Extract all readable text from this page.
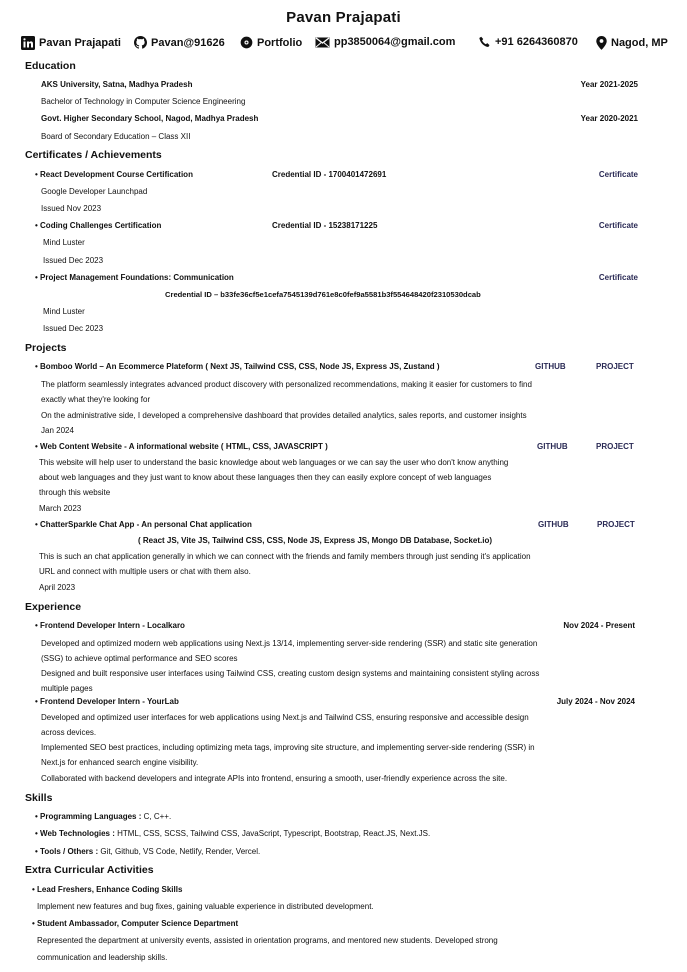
Pavan Prajapati
Pavan Prajapati	Pavan@91626	Portfolio	pp3850064@gmail.com	+91 6264360870	Nagod, MP
Education
AKS University, Satna, Madhya Pradesh	Year 2021-2025
Bachelor of Technology in Computer Science Engineering
Govt. Higher Secondary School, Nagod, Madhya Pradesh	Year 2020-2021
Board of Secondary Education – Class XII
Certificates / Achievements
• React Development Course Certification	Credential ID - 1700401472691	Certificate
Google Developer Launchpad
Issued Nov 2023
• Coding Challenges Certification	Credential ID - 15238171225	Certificate
Mind Luster
Issued Dec 2023
• Project Management Foundations: Communication	Certificate
Credential ID – b33fe36cf5e1cefa7545139d761e8c0fef9a5581b3f554648420f2310530dcab
Mind Luster
Issued Dec 2023
Projects
• Bomboo World – An Ecommerce Plateform ( Next JS, Tailwind CSS, CSS, Node JS, Express JS, Zustand )	GITHUB	PROJECT
The platform seamlessly integrates advanced product discovery with personalized recommendations, making it easier for customers to find
exactly what they're looking for
On the administrative side, I developed a comprehensive dashboard that provides detailed analytics, sales reports, and customer insights
Jan 2024
• Web Content Website - A informational website ( HTML, CSS, JAVASCRIPT )	GITHUB	PROJECT
This website will help user to understand the basic knowledge about web languages or we can say the user who don't know anything
about web languages and they just want to know about these languages then they can easily explore concept of web languages
through this website
March 2023
• ChatterSparkle Chat App - An personal Chat application	GITHUB	PROJECT
( React JS, Vite JS, Tailwind CSS, CSS, Node JS, Express JS, Mongo DB Database, Socket.io)
This is such an chat application generally in which we can connect with the friends and family members through just sending it's application
URL and connect with multiple users or chat with them also.
April 2023
Experience
• Frontend Developer Intern - Localkaro	Nov 2024 - Present
Developed and optimized modern web applications using Next.js 13/14, implementing server-side rendering (SSR) and static site generation
(SSG) to achieve optimal performance and SEO scores
Designed and built responsive user interfaces using Tailwind CSS, creating custom design systems and maintaining consistent styling across
multiple pages
• Frontend Developer Intern - YourLab	July 2024 - Nov 2024
Developed and optimized user interfaces for web applications using Next.js and Tailwind CSS, ensuring responsive and accessible design
across devices.
Implemented SEO best practices, including optimizing meta tags, improving site structure, and implementing server-side rendering (SSR) in
Next.js for enhanced search engine visibility.
Collaborated with backend developers and integrate APIs into frontend, ensuring a smooth, user-friendly experience across the site.
Skills
• Programming Languages : C, C++.
• Web Technologies : HTML, CSS, SCSS, Tailwind CSS, JavaScript, Typescript, Bootstrap, React.JS, Next.JS.
• Tools / Others : Git, Github, VS Code, Netlify, Render, Vercel.
Extra Curricular Activities
• Lead Freshers, Enhance Coding Skills
Implement new features and bug fixes, gaining valuable experience in distributed development.
• Student Ambassador, Computer Science Department
Represented the department at university events, assisted in orientation programs, and mentored new students. Developed strong
communication and leadership skills.
